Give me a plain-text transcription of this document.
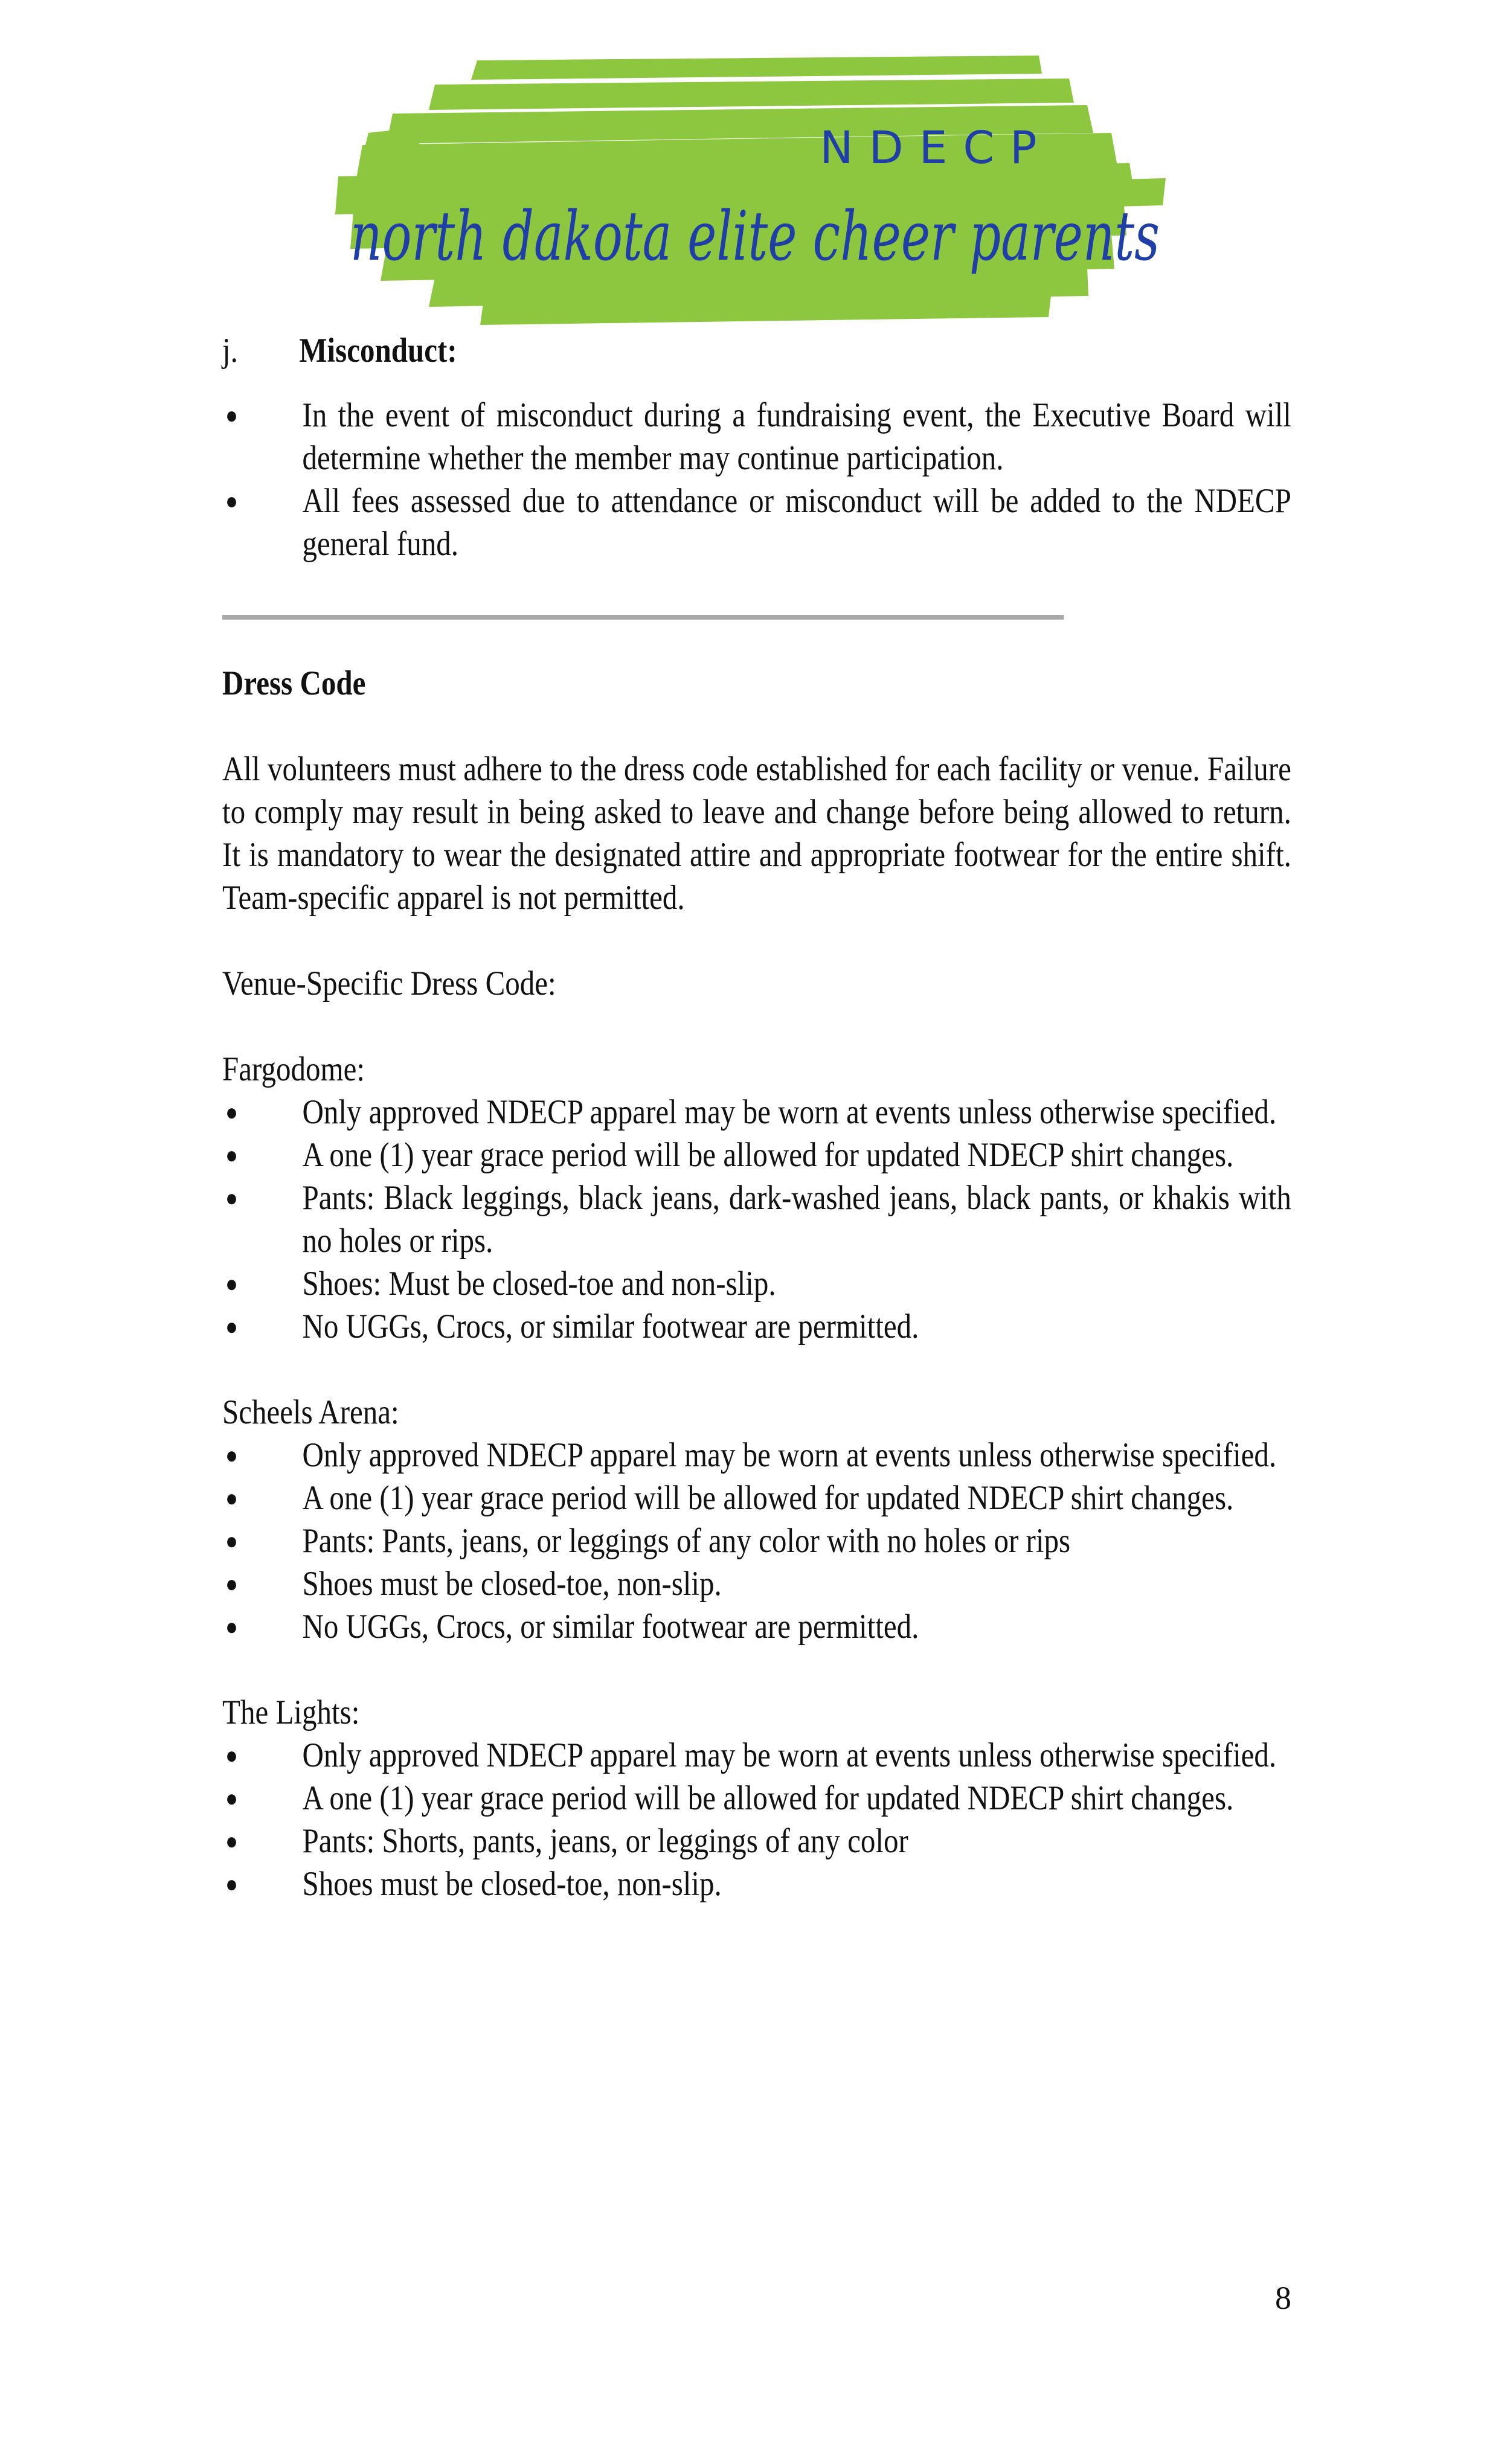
NDECP
north dakota elite cheer parents
j.	Misconduct:
●	In the event of misconduct during a fundraising event, the Executive Board will determine whether the member may continue participation.
●	All fees assessed due to attendance or misconduct will be added to the NDECP general fund.
Dress Code

All volunteers must adhere to the dress code established for each facility or venue. Failure to comply may result in being asked to leave and change before being allowed to return. It is mandatory to wear the designated attire and appropriate footwear for the entire shift. Team-specific apparel is not permitted.

Venue-Specific Dress Code:
Fargodome:
●	Only approved NDECP apparel may be worn at events unless otherwise specified.
●	A one (1) year grace period will be allowed for updated NDECP shirt changes.
●	Pants: Black leggings, black jeans, dark-washed jeans, black pants, or khakis with no holes or rips.
●	Shoes: Must be closed-toe and non-slip.
●	No UGGs, Crocs, or similar footwear are permitted.
Scheels Arena:
●	Only approved NDECP apparel may be worn at events unless otherwise specified.
●	A one (1) year grace period will be allowed for updated NDECP shirt changes.
●	Pants: Pants, jeans, or leggings of any color with no holes or rips
●	Shoes must be closed-toe, non-slip.
●	No UGGs, Crocs, or similar footwear are permitted.
The Lights:
●	Only approved NDECP apparel may be worn at events unless otherwise specified.
●	A one (1) year grace period will be allowed for updated NDECP shirt changes.
●	Pants: Shorts, pants, jeans, or leggings of any color
●	Shoes must be closed-toe, non-slip.
8
